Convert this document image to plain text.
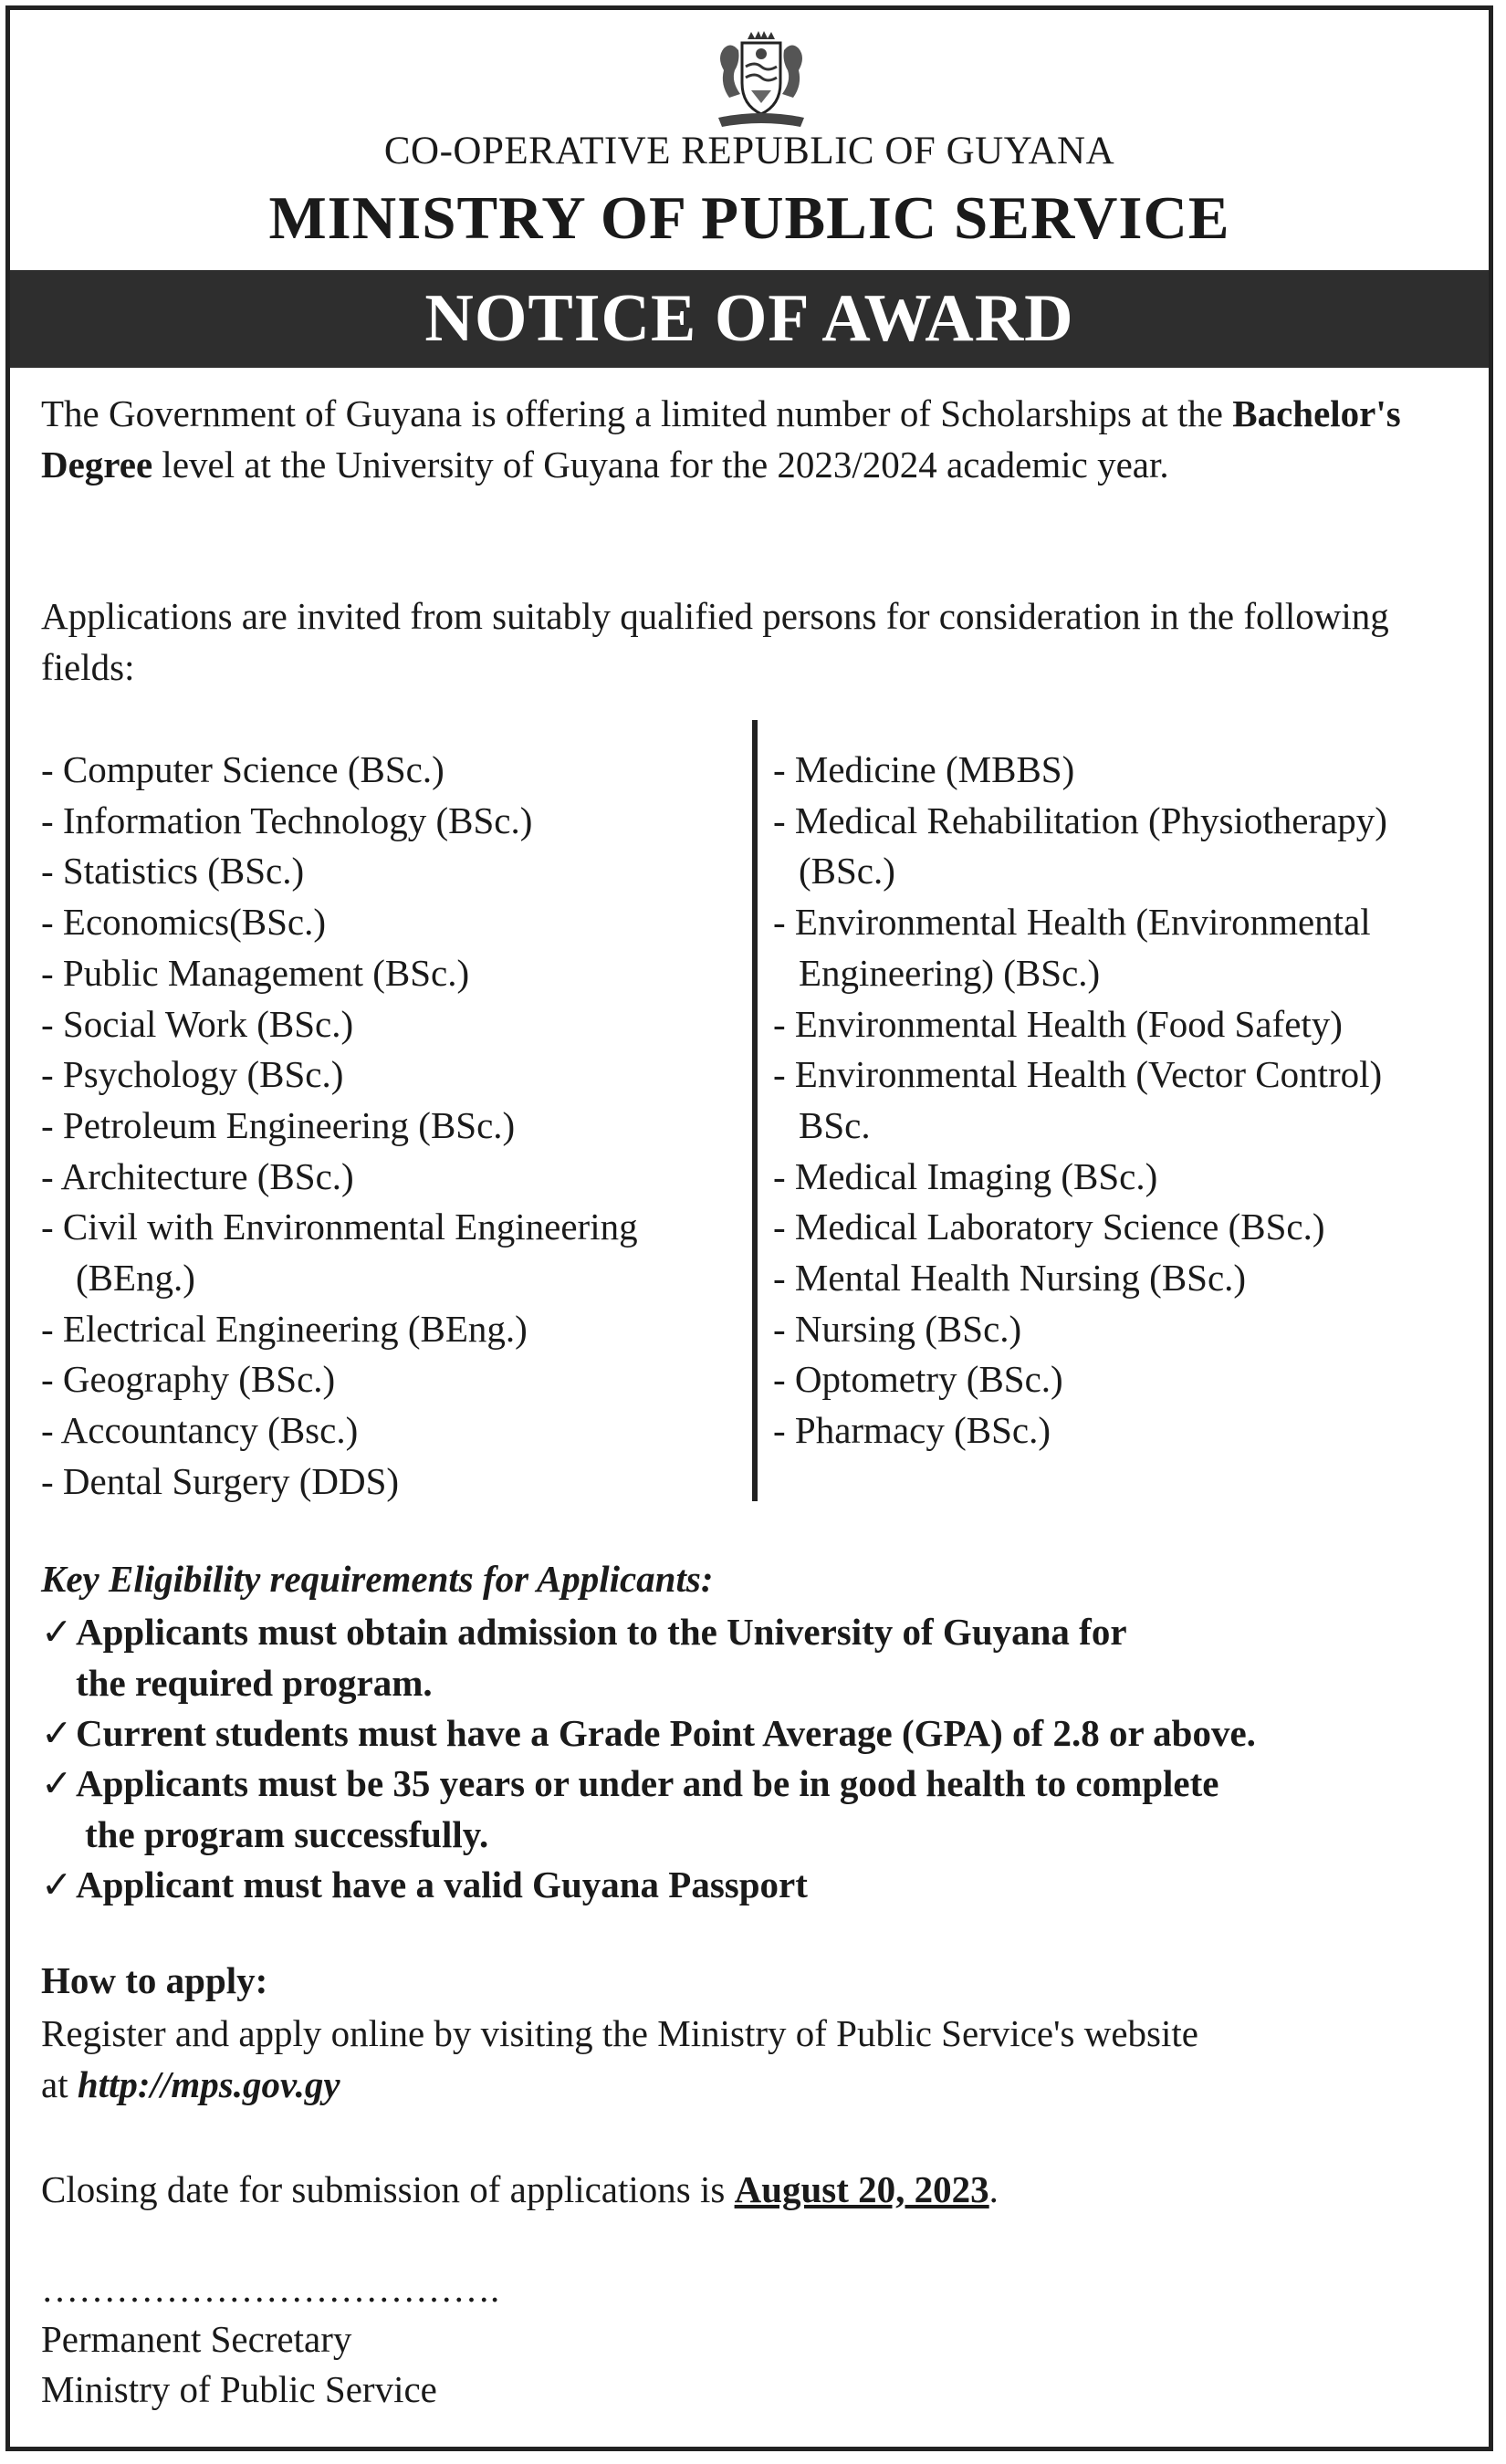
CO-OPERATIVE REPUBLIC OF GUYANA
MINISTRY OF PUBLIC SERVICE
NOTICE OF AWARD
The Government of Guyana is offering a limited number of Scholarships at the Bachelor's Degree level at the University of Guyana for the 2023/2024 academic year.
Applications are invited from suitably qualified persons for consideration in the following fields:
- Computer Science (BSc.)
- Information Technology (BSc.)
- Statistics (BSc.)
- Economics(BSc.)
- Public Management (BSc.)
- Social Work (BSc.)
- Psychology (BSc.)
- Petroleum Engineering (BSc.)
- Architecture (BSc.)
- Civil with Environmental Engineering
(BEng.)
- Electrical Engineering (BEng.)
- Geography (BSc.)
- Accountancy (Bsc.)
- Dental Surgery (DDS)
- Medicine (MBBS)
- Medical Rehabilitation (Physiotherapy)
(BSc.)
- Environmental Health (Environmental
Engineering) (BSc.)
- Environmental Health (Food Safety)
- Environmental Health (Vector Control)
BSc.
- Medical Imaging (BSc.)
- Medical Laboratory Science (BSc.)
- Mental Health Nursing (BSc.)
- Nursing (BSc.)
- Optometry (BSc.)
- Pharmacy (BSc.)
Key Eligibility requirements for Applicants:
✓Applicants must obtain admission to the University of Guyana for
the required program.
✓Current students must have a Grade Point Average (GPA) of 2.8 or above.
✓Applicants must be 35 years or under and be in good health to complete
the program successfully.
✓Applicant must have a valid Guyana Passport
How to apply:
Register and apply online by visiting the Ministry of Public Service's website
at http://mps.gov.gy
Closing date for submission of applications is August 20, 2023.
……………………………….
Permanent Secretary
Ministry of Public Service
